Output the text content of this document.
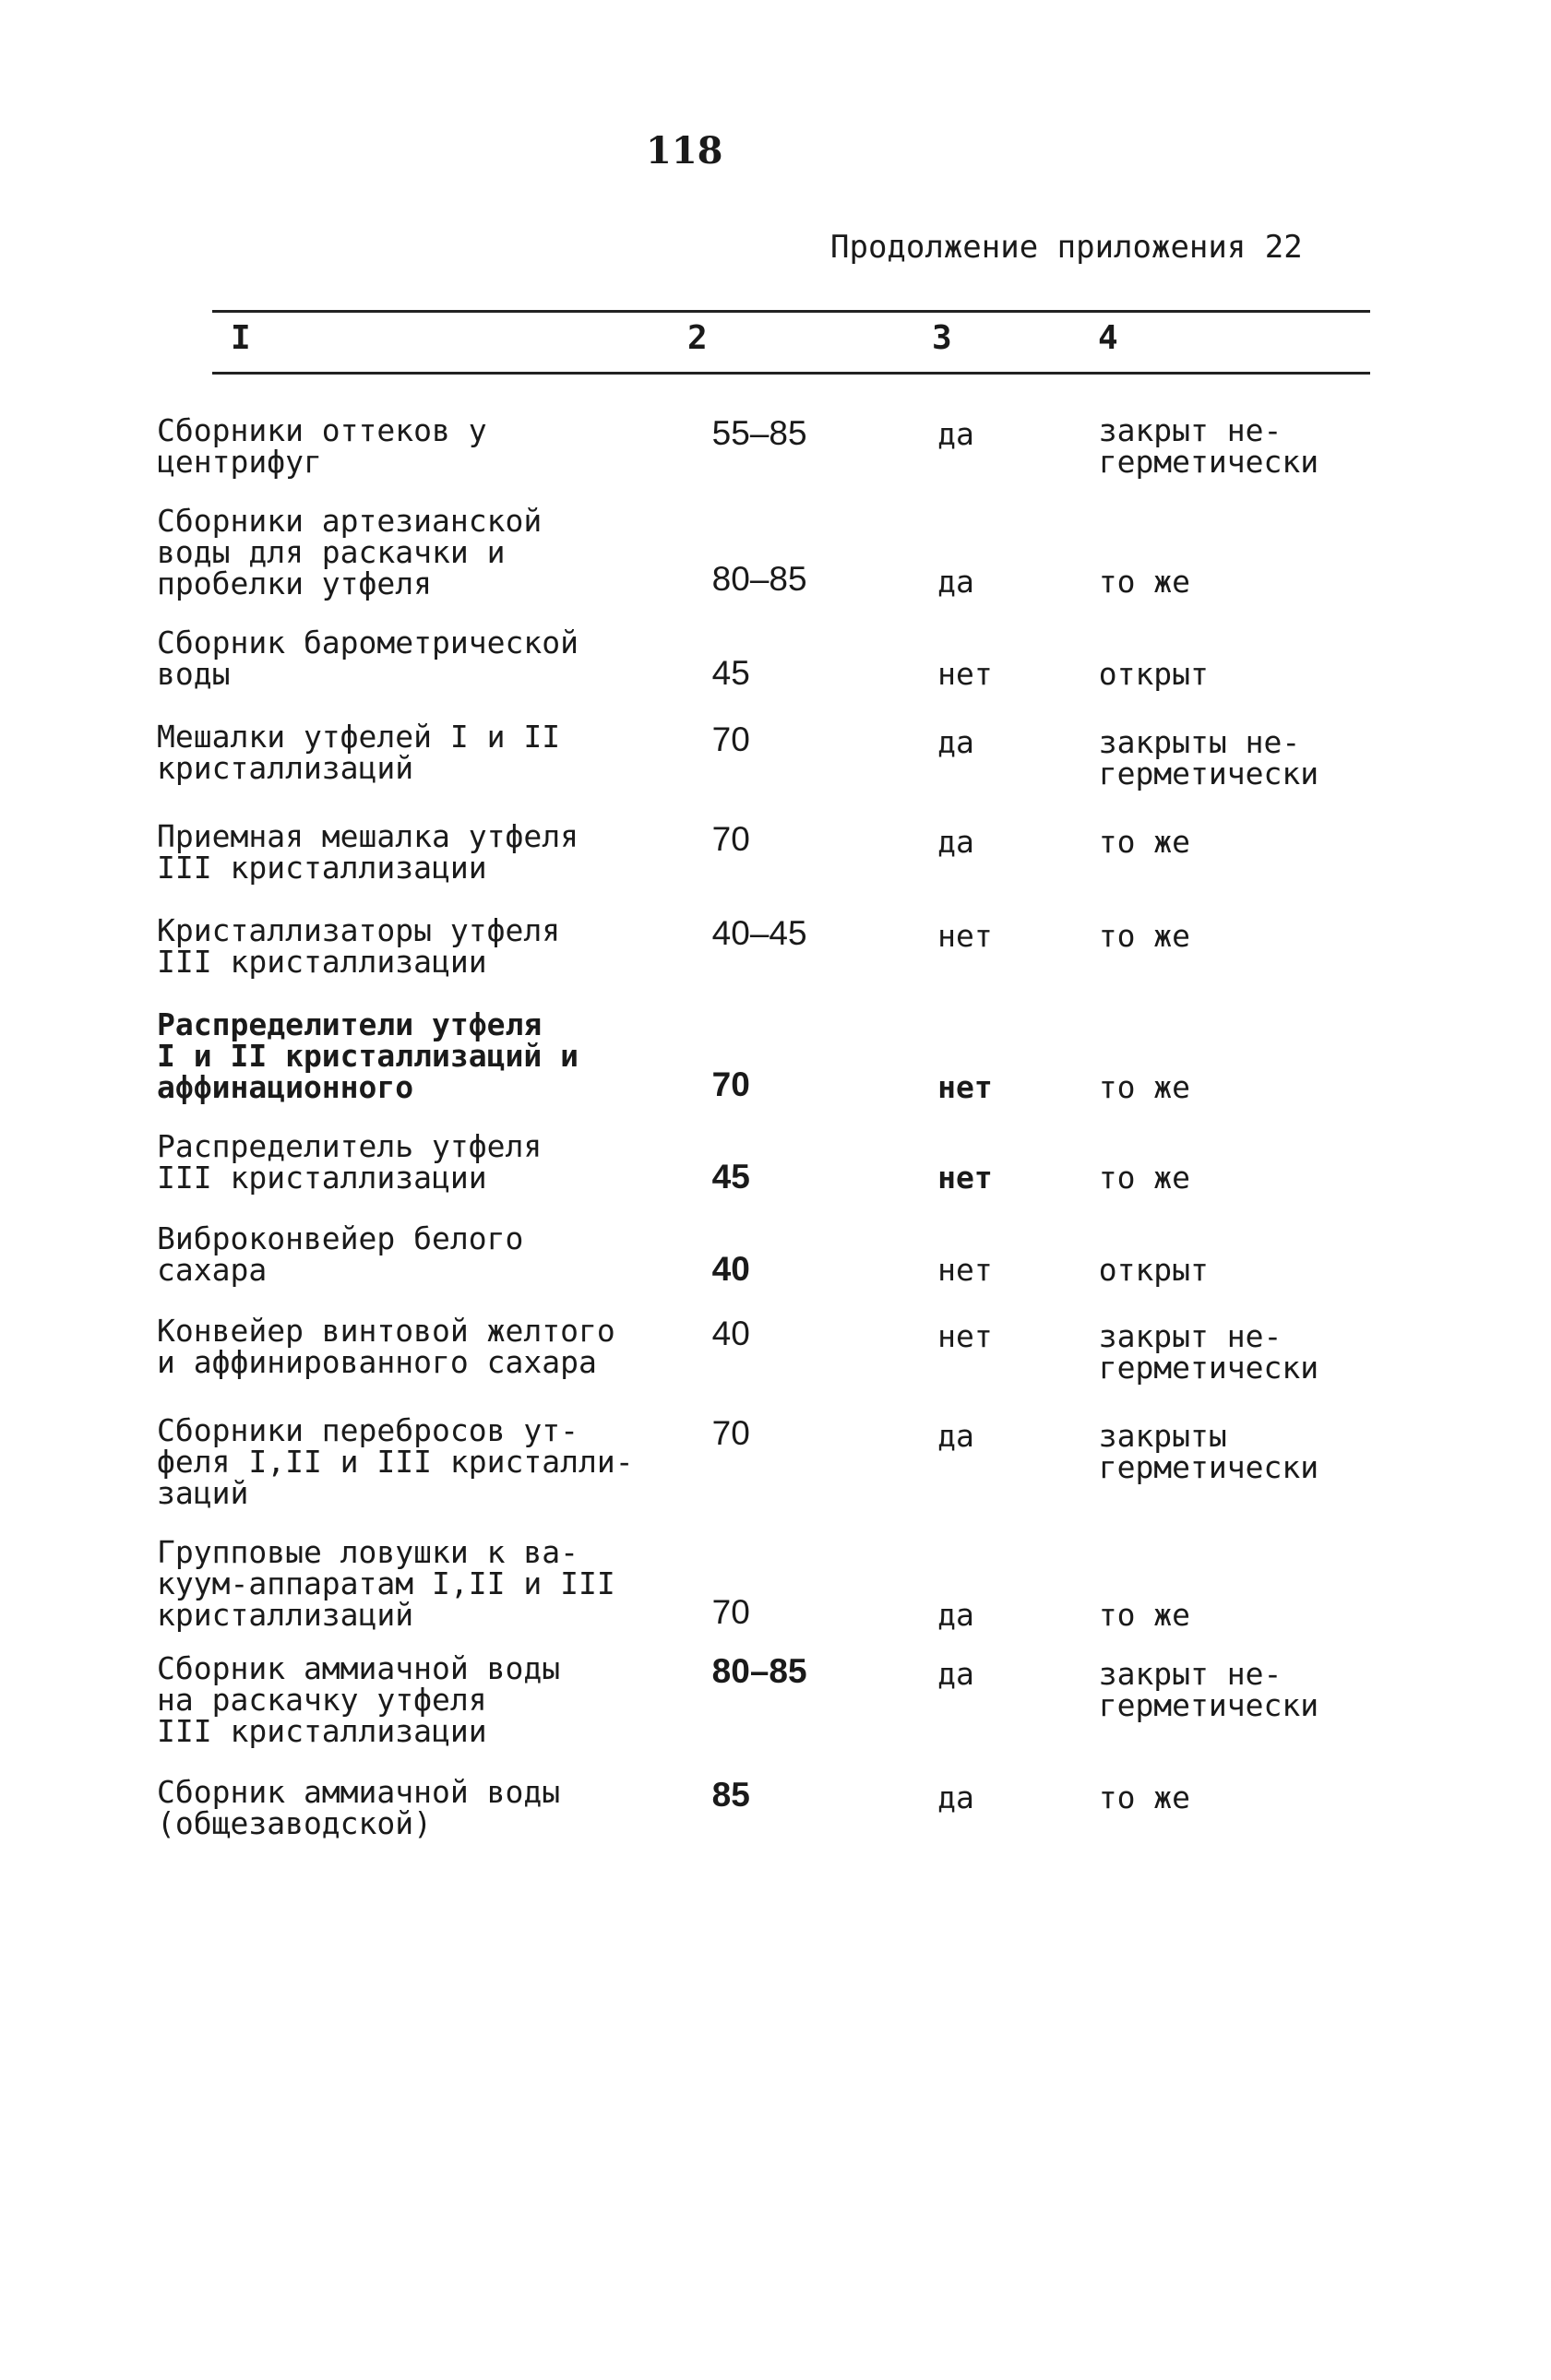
118
Продолжение приложения 22
I	2	3	4
Сборники оттеков у
центрифуг
55–85	да	закрыт не-
герметически
Сборники артезианской
воды для раскачки и
пробелки утфеля	80–85	да	то же
Сборник барометрической
воды	45	нет	открыт
Мешалки утфелей I и II
кристаллизаций
70	да	закрыты не-
герметически
Приемная мешалка утфеля
III кристаллизации
70	да	то же
Кристаллизаторы утфеля
III кристаллизации
40–45	нет	то же
Распределители утфеля
I и II кристаллизаций и
аффинационного	70	нет	то же
Распределитель утфеля
III кристаллизации	45	нет	то же
Виброконвейер белого
сахара	40	нет	открыт
Конвейер винтовой желтого
и аффинированного сахара
40	нет	закрыт не-
герметически
Сборники перебросов ут-
феля I,II и III кристалли-
заций
70	да	закрыты
герметически
Групповые ловушки к ва-
куум-аппаратам I,II и III
кристаллизаций	70	да	то же
Сборник аммиачной воды
на раскачку утфеля
III кристаллизации
80–85	да	закрыт не-
герметически
Сборник аммиачной воды
(общезаводской)
85	да	то же
